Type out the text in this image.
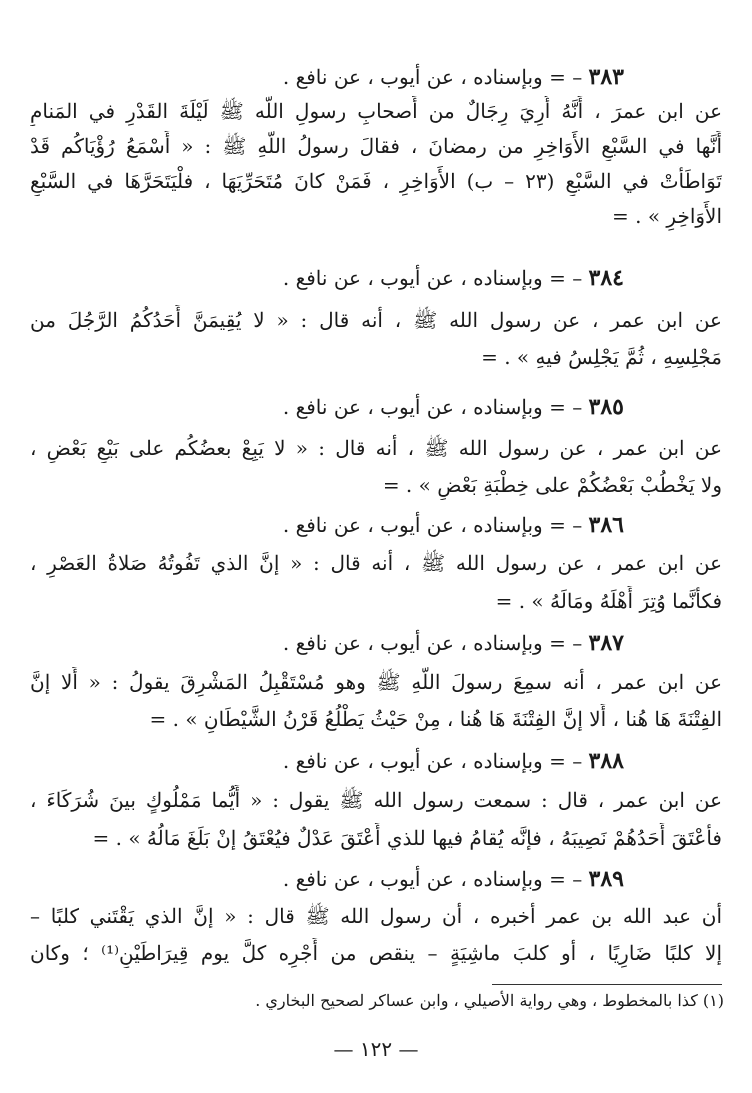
٣٨٣ – = وبإسناده ، عن أيوب ، عن نافع .
عن ابن عمرَ ، أَنَّهُ أُرِيَ رِجَالٌ من أَصحابِ رسولِ اللّه ﷺ لَيْلَةَ القَدْرِ في المَنامِ
أَنَّها في السَّبْعِ الأَوَاخِرِ من رمضانَ ، فقالَ رسولُ اللّهِ ﷺ : « أَسْمَعُ رُؤْيَاكُم قَدْ
تَوَاطَأَتْ في السَّبْعِ (٢٣ – ب) الأَوَاخِرِ ، فَمَنْ كانَ مُتَحَرِّيَهَا ، فلْيَتَحَرَّهَا في السَّبْعِ
الأَوَاخِرِ » . =
٣٨٤ – = وبإسناده ، عن أيوب ، عن نافع .
عن ابن عمر ، عن رسول الله ﷺ ، أنه قال : « لا يُقِيمَنَّ أَحَدُكُمُ الرَّجُلَ من
مَجْلِسِهِ ، ثُمَّ يَجْلِسُ فيهِ » . =
٣٨٥ – = وبإسناده ، عن أيوب ، عن نافع .
عن ابن عمر ، عن رسول الله ﷺ ، أنه قال : « لا يَبِعْ بعضُكُم على بَيْعِ بَعْضٍ ،
ولا يَخْطُبْ بَعْضُكُمْ على خِطْبَةِ بَعْضٍ » . =
٣٨٦ – = وبإسناده ، عن أيوب ، عن نافع .
عن ابن عمر ، عن رسول الله ﷺ ، أنه قال : « إنَّ الذي تَفُوتُهُ صَلاةُ العَصْرِ ،
فكأنَّما وُتِرَ أَهْلَهُ ومَالَهُ » . =
٣٨٧ – = وبإسناده ، عن أيوب ، عن نافع .
عن ابن عمر ، أنه سمِعَ رسولَ اللّهِ ﷺ وهو مُسْتَقْبِلُ المَشْرِقَ يقولُ : « أَلا إنَّ
الفِتْنَةَ هَا هُنا ، أَلا إنَّ الفِتْنَةَ هَا هُنا ، مِنْ حَيْثُ يَطْلُعُ قَرْنُ الشَّيْطَانِ » . =
٣٨٨ – = وبإسناده ، عن أيوب ، عن نافع .
عن ابن عمر ، قال : سمعت رسول الله ﷺ يقول : « أَيُّما مَمْلُوكٍ بينَ شُرَكَاءَ ،
فأَعْتَقَ أَحَدُهُمْ نَصِيبَهُ ، فإنَّه يُقامُ فيها للذي أَعْتَقَ عَدْلٌ فيُعْتَقُ إنْ بَلَغَ مَالُهُ » . =
٣٨٩ – = وبإسناده ، عن أيوب ، عن نافع .
أن عبد الله بن عمر أخبره ، أن رسول الله ﷺ قال : « إنَّ الذي يَقْتَني كلبًا –
إلا كلبًا ضَارِيًا ، أو كلبَ ماشِيَةٍ – ينقص من أَجْرِه كلَّ يوم قِيرَاطَيْنِ⁽¹⁾ ؛ وكان
(١) كذا بالمخطوط ، وهي رواية الأصيلي ، وابن عساكر لصحيح البخاري .
— ١٢٢ —
